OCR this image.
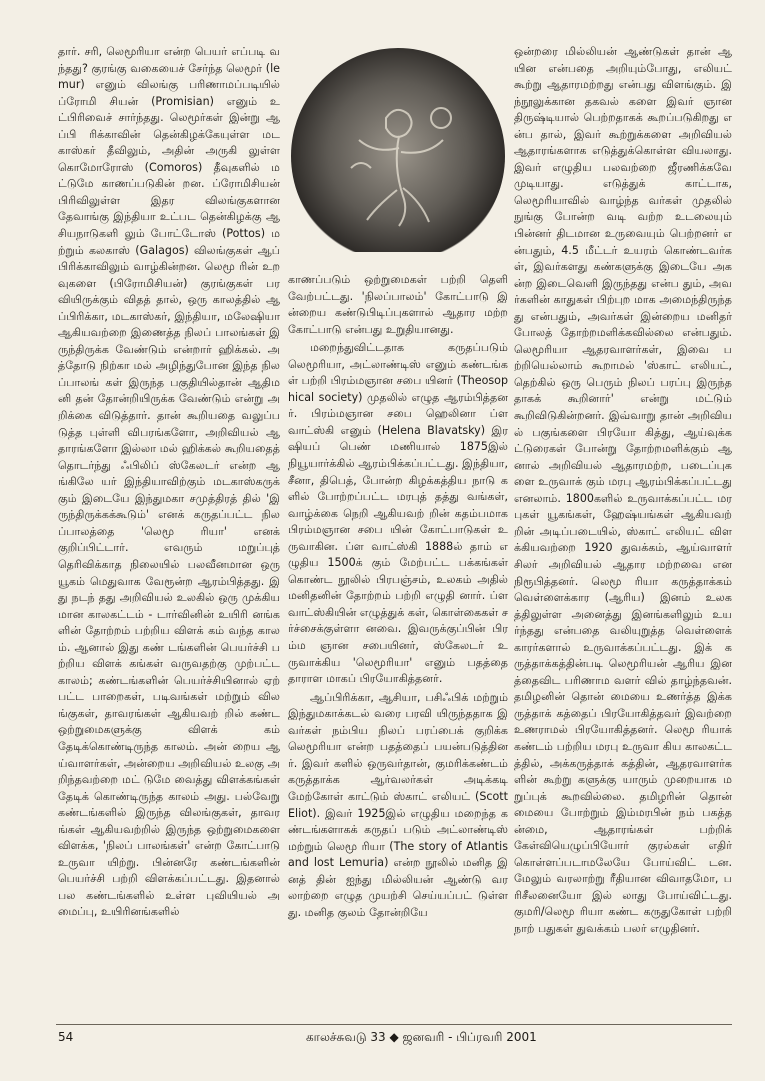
தார். சரி, லெமூரியா என்ற பெயர் எப்படி வந்தது? குரங்கு வகையைச் சேர்ந்த லெமூர் (lemur) எனும் விலங்கு பரிணாமப்படியில் ப்ரோமி சியன் (Promisian) எனும் உட்பிரிவைச் சார்ந்தது. லெமூர்கள் இன்று ஆப்பி ரிக்காவின் தென்கிழக்கேயுள்ள மட காஸ்கர் தீவிலும், அதின் அருகி லுள்ள கொமோரோஸ் (Comoros) தீவுகளில் மட்டுமே காணப்படுகின் றன. ப்ரோமிசியன் பிரிவிலுள்ள இதர விலங்குகளான தேவாங்கு இந்தியா உட்பட தென்கிழக்கு ஆசியநாடுகளி லும் போட்டோஸ் (Pottos) மற்றும் கலகாஸ் (Galagos) விலங்குகள் ஆப் பிரிக்காவிலும் வாழ்கின்றன. லெமூ ரின் உறவுகளை (பிரோமிசியன்) குரங்குகள் பரவியிருக்கும் விதத் தால், ஒரு காலத்தில் ஆப்பிரிக்கா, மடகாஸ்கர், இந்தியா, மலேஷியா ஆகியவற்றை இணைத்த நிலப் பாலங்கள் இருந்திருக்க வேண்டும் என்றார் ஹிக்கல். அத்தோடு நிற்கா மல் அழிந்துபோன இந்த நிலப்பாலங் கள் இருந்த பகுதியில்தான் ஆதிமனி தன் தோன்றியிருக்க வேண்டும் என்று அறிக்கை விடுத்தார். தான் கூறியதை வலுப்படுத்த புள்ளி விபரங்களோ, அறிவியல் ஆதாரங்களோ இல்லா மல் ஹிக்கல் கூறியதைத் தொடர்ந்து ஃபிலிப் ஸ்கேலடர் என்ற ஆங்கிலே யர் இந்தியாவிற்கும் மடகாஸ்கருக் கும் இடையே இந்துமகா சமுத்திரத் தில் 'இருந்திருக்கக்கூடும்' எனக் கருதப்பட்ட நிலப்பாலத்தை 'லெமூ ரியா' எனக் குறிப்பிட்டார். எவரும் மறுப்புத் தெரிவிக்காத நிலையில் பலவீனமான ஒரு யூகம் மெதுவாக வேரூன்ற ஆரம்பித்தது. இது நடந் தது அறிவியல் உலகில் ஒரு முக்கிய மான காலகட்டம் - டார்வினின் உயிரி னங்களின் தோற்றம் பற்றிய விளக் கம் வந்த காலம். ஆனால் இது கண் டங்களின் பெயர்ச்சி பற்றிய விளக் கங்கள் வருவதற்கு முற்பட்ட காலம்; கண்டங்களின் பெயர்ச்சியினால் ஏற் பட்ட பாறைகள், படிவங்கள் மற்றும் விலங்குகள், தாவரங்கள் ஆகியவற் றில் கண்ட ஒற்றுமைகளுக்கு விளக் கம் தேடிக்கொண்டிருந்த காலம். அன் றைய ஆய்வாளர்கள், அன்றைய அறிவியல் உலகு அறிந்தவற்றை மட் டுமே வைத்து விளக்கங்கள் தேடிக் கொண்டிருந்த காலம் அது. பல்வேறு கண்டங்களில் இருந்த விலங்குகள், தாவரங்கள் ஆகியவற்றில் இருந்த ஒற்றுமைகளை விளக்க, 'நிலப் பாலங்கள்' என்ற கோட்பாடு உருவா யிற்று. பின்னரே கண்டங்களின் பெயர்ச்சி பற்றி விளக்கப்பட்டது. இதனால் பல கண்டங்களில் உள்ள புவியியல் அமைப்பு, உயிரினங்களில்

காணப்படும் ஒற்றுமைகள் பற்றி தெளி வேற்பட்டது. 'நிலப்பாலம்' கோட்பாடு இன்றைய கண்டுபிடிப்புகளால் ஆதார மற்ற கோட்பாடு என்பது உறுதியானது.

மறைந்துவிட்டதாக கருதப்படும் லெமூரியா, அட்லாண்டிஸ் எனும் கண்டங்கள் பற்றி பிரம்மஞான சபை யினர் (Theosophical society) முதலில் எழுத ஆரம்பித்தனர். பிரம்மஞான சபை ஹெலினா ப்ளவாட்ஸ்கி எனும் (Helena Blavatsky) இரஷியப் பெண் மணியால் 1875இல் நியூயார்க்கில் ஆரம்பிக்கப்பட்டது. இந்தியா, சீனா, திபெத், போன்ற கிழக்கத்திய நாடு களில் போற்றப்பட்ட மரபுத் தத்து வங்கள், வாழ்க்கை நெறி ஆகியவற் றின் கதம்பமாக பிரம்மஞான சபை யின் கோட்பாடுகள் உருவாகின. ப்ள வாட்ஸ்கி 1888ல் தாம் எழுதிய 1500க் கும் மேற்பட்ட பக்கங்கள் கொண்ட நூலில் பிரபஞ்சம், உலகம் அதில் மனிதனின் தோற்றம் பற்றி எழுதி னார். ப்ளவாட்ஸ்கியின் எழுத்துக் கள், கொள்கைகள் சர்ச்சைக்குள்ளா னவை. இவருக்குப்பின் பிரம்ம ஞான சபையினர், ஸ்கேலடர் உருவாக்கிய 'லெமூரியா' எனும் பதத்தை தாராள மாகப் பிரயோகித்தனர்.

ஆப்பிரிக்கா, ஆசியா, பசிஃபிக் மற்றும் இந்துமகாக்கடல் வரை பரவி யிருந்ததாக இவர்கள் நம்பிய நிலப் பரப்பைக் குறிக்க லெமூரியா என்ற பதத்தைப் பயன்படுத்தினர். இவர் களில் ஒருவர்தான், குமரிக்கண்டம் கருத்தாக்க ஆர்வலர்கள் அடிக்கடி மேற்கோள் காட்டும் ஸ்காட் எலியட் (Scott Eliot). இவர் 1925இல் எழுதிய மறைந்த கண்டங்களாகக் கருதப் படும் அட்லாண்டிஸ் மற்றும் லெமூ ரியா (The story of Atlantis and lost Lemuria) என்ற நூலில் மனித இனத் தின் ஐந்து மில்லியன் ஆண்டு வர லாற்றை எழுத முயற்சி செய்யப்பட் டுள்ளது. மனித குலம் தோன்றியே

ஒன்றரை மில்லியன் ஆண்டுகள் தான் ஆயின என்பதை அறியும்போது, எலியட் கூற்று ஆதாரமற்றது என்பது விளங்கும். இந்நூலுக்கான தகவல் களை இவர் ஞான திருஷ்டியால் பெற்றதாகக் கூறப்படுகிறது என்ப தால், இவர் கூற்றுக்களை அறிவியல் ஆதாரங்களாக எடுத்துக்கொள்ள வியலாது. இவர் எழுதிய பலவற்றை ஜீரணிக்கவே முடியாது. எடுத்துக் காட்டாக, லெமூரியாவில் வாழ்ந்த வர்கள் முதலில் நுங்கு போன்ற வடி வற்ற உடலையும் பின்னர் திடமான உருவையும் பெற்றனர் என்பதும், 4.5 மீட்டர் உயரம் கொண்டவர்கள், இவர்களது கண்களுக்கு இடையே அகன்ற இடைவெளி இருந்தது என்ப தும், அவர்களின் காதுகள் பிற்புற மாக அமைந்திருந்தது என்பதும், அவர்கள் இன்றைய மனிதர் போலத் தோற்றமளிக்கவில்லை என்பதும். லெமூரியா ஆதரவாளர்கள், இவை பற்றியெல்லாம் கூறாமல் 'ஸ்காட் எலியட், தெற்கில் ஒரு பெரும் நிலப் பரப்பு இருந்ததாகக் கூறினார்' என்று மட்டும் கூறிவிடுகின்றனர். இவ்வாறு தான் அறிவியல் பகுங்களை பிரயோ கித்து, ஆய்வுக்கட்டுரைகள் போன்று தோற்றமளிக்கும் ஆனால் அறிவியல் ஆதாரமற்ற, படைப்புகளை உருவாக் கும் மரபு ஆரம்பிக்கப்பட்டது எனலாம். 1800களில் உருவாக்கப்பட்ட மரபுகள் யூகங்கள், ஹேஷ்யங்கள் ஆகியவற் றின் அடிப்படையில், ஸ்காட் எலியட் விளக்கியவற்றை 1920 துவக்கம், ஆய்வாளர் சிலர் அறிவியல் ஆதார மற்றவை என நிரூபித்தனர். லெமூ ரியா கருத்தாக்கம் வெள்ளைக்கார (ஆரிய) இனம் உலகத்திலுள்ள அனைத்து இனங்களிலும் உயர்ந்தது என்பதை வலியுறுத்த வெள்ளைக் காரர்களால் உருவாக்கப்பட்டது. இக் கருத்தாக்கத்தின்படி லெமூரியன் ஆரிய இனத்தைவிட பரிணாம வளர் வில் தாழ்ந்தவன். தமிழனின் தொன் மையை உணர்த்த இக்கருத்தாக் கத்தைப் பிரயோகித்தவர் இவற்றை உணராமல் பிரயோகித்தனர். லெமூ ரியாக் கண்டம் பற்றிய மரபு உருவா கிய காலகட்டத்தில், அக்கருத்தாக் கத்தின், ஆதரவாளர்களின் கூற்று களுக்கு யாரும் முறையாக மறுப்புக் கூறவில்லை. தமிழரின் தொன் மையை போற்றும் இம்மரபின் நம் பகத்தன்மை, ஆதாரங்கள் பற்றிக் கேள்வியெழுப்பியோர் குரல்கள் எதிர் கொள்ளப்படாமலேயே போய்விட் டன. மேலும் வரலாற்று ரீதியான விவாதமோ, பரிசீலனையோ இல் லாது போய்விட்டது. குமரி/லெமூ ரியா கண்ட கருதுகோள் பற்றி நாற் பதுகள் துவக்கம் பலர் எழுதினர்.

54	காலச்சுவடு 33 ◆ ஜனவரி - பிப்ரவரி 2001
